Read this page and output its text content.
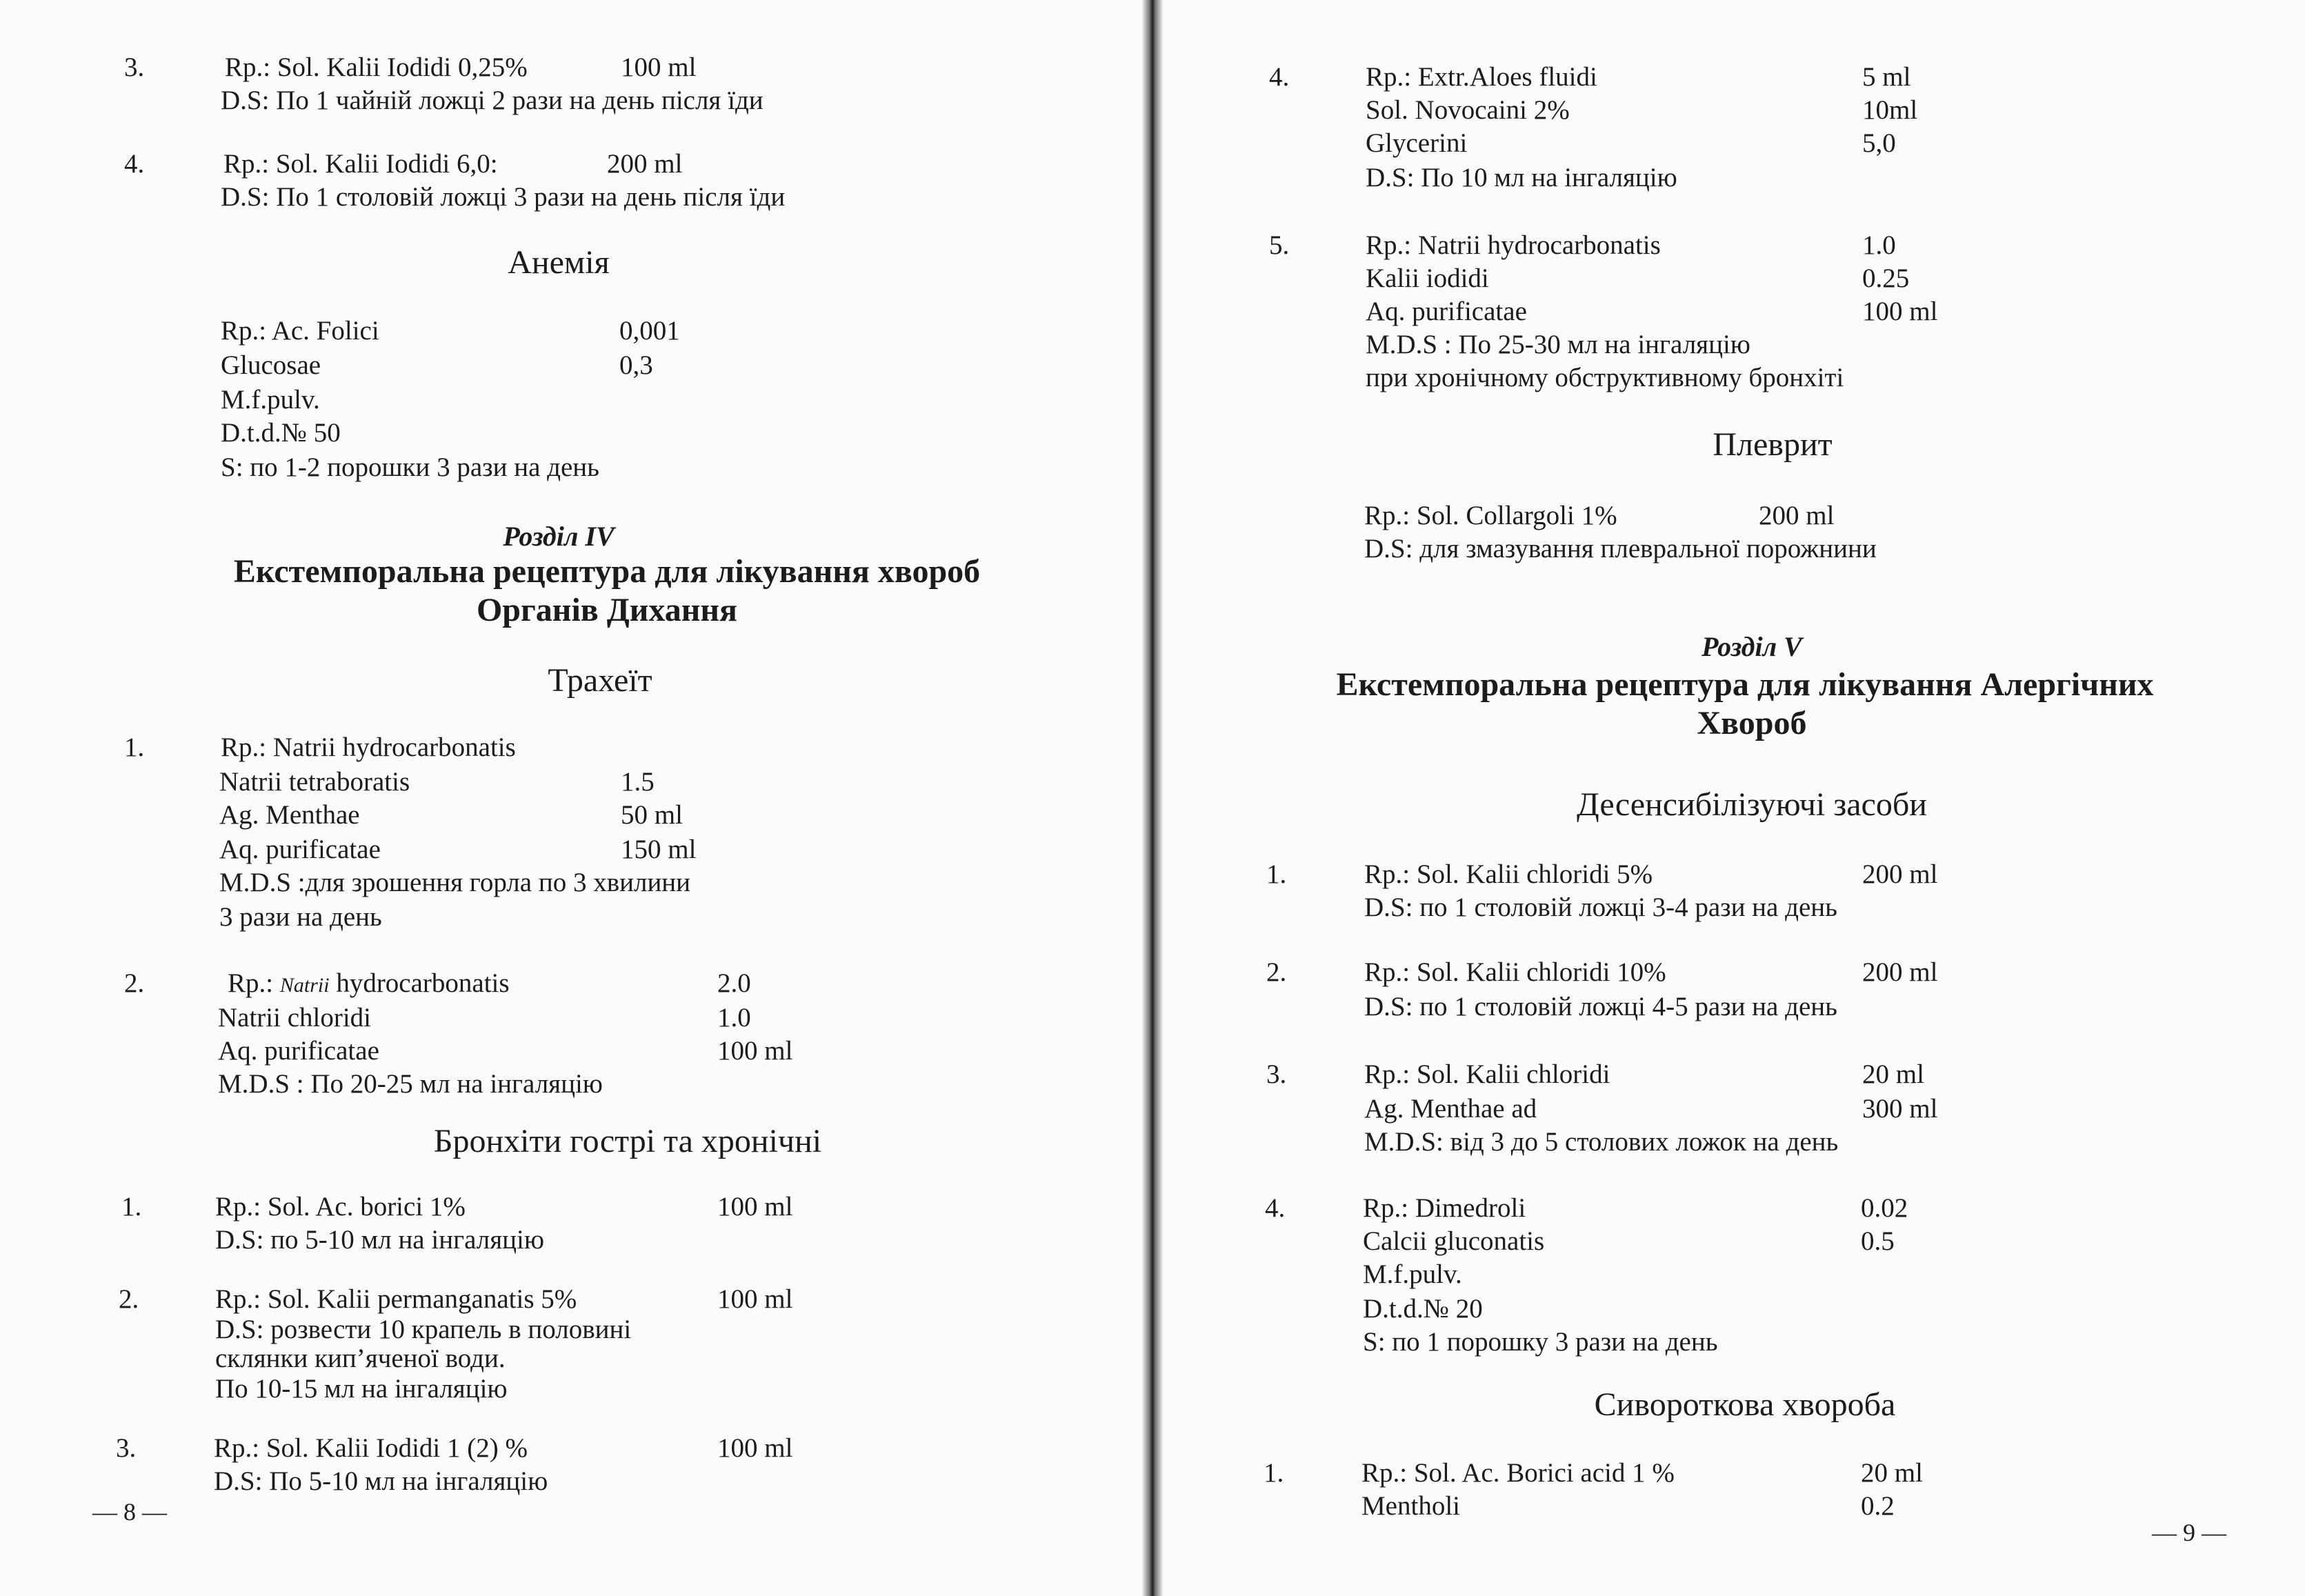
3.	Rp.: Sol. Kalii Iodidi 0,25%	100 ml
D.S: По 1 чайній ложці 2 рази на день після їди
4.	Rp.: Sol. Kalii Iodidi 6,0:	200 ml
D.S: По 1 столовій ложці 3 рази на день після їди
Анемія
Rp.: Ac. Folici	0,001
Glucosae	0,3
M.f.pulv.
D.t.d.№ 50
S: по 1-2 порошки 3 рази на день
Розділ IV
Екстемпоральна рецептура для лікування хвороб
Органів Дихання
Трахеїт
1.	Rp.: Natrii hydrocarbonatis
Natrii tetraboratis	1.5
Ag. Menthae	50 ml
Aq. purificatae	150 ml
M.D.S :для зрошення горла по 3 хвилини
3 рази на день
2.	Rp.: Natrii hydrocarbonatis	2.0
Natrii chloridi	1.0
Aq. purificatae	100 ml
M.D.S : По 20-25 мл на інгаляцію
Бронхіти гострі та хронічні
1.	Rp.: Sol. Ac. borici 1%	100 ml
D.S: по 5-10 мл на інгаляцію
2.	Rp.: Sol. Kalii permanganatis 5%	100 ml
D.S: розвести 10 крапель в половині
склянки кип’яченої води.
По 10-15 мл на інгаляцію
3.	Rp.: Sol. Kalii Iodidi 1 (2) %	100 ml
D.S: По 5-10 мл на інгаляцію
— 8 —
4.	Rp.: Extr.Aloes fluidi	5 ml
Sol. Novocaini 2%	10ml
Glycerini	5,0
D.S: По 10 мл на інгаляцію
5.	Rp.: Natrii hydrocarbonatis	1.0
Kalii iodidi	0.25
Aq. purificatae	100 ml
M.D.S : По 25-30 мл на інгаляцію
при хронічному обструктивному бронхіті
Плеврит
Rp.: Sol. Collargoli 1%	200 ml
D.S: для змазування плевральної порожнини
Розділ V
Екстемпоральна рецептура для лікування Алергічних
Хвороб
Десенсибілізуючі засоби
1.	Rp.: Sol. Kalii chloridi 5%	200 ml
D.S: по 1 столовій ложці 3-4 рази на день
2.	Rp.: Sol. Kalii chloridi 10%	200 ml
D.S: по 1 столовій ложці 4-5 рази на день
3.	Rp.: Sol. Kalii chloridi	20 ml
Ag. Menthae ad	300 ml
M.D.S: від 3 до 5 столових ложок на день
4.	Rp.: Dimedroli	0.02
Calcii gluconatis	0.5
M.f.pulv.
D.t.d.№ 20
S: по 1 порошку 3 рази на день
Сивороткова хвороба
1.	Rp.: Sol. Ac. Borici acid 1 %	20 ml
Mentholi	0.2
— 9 —
